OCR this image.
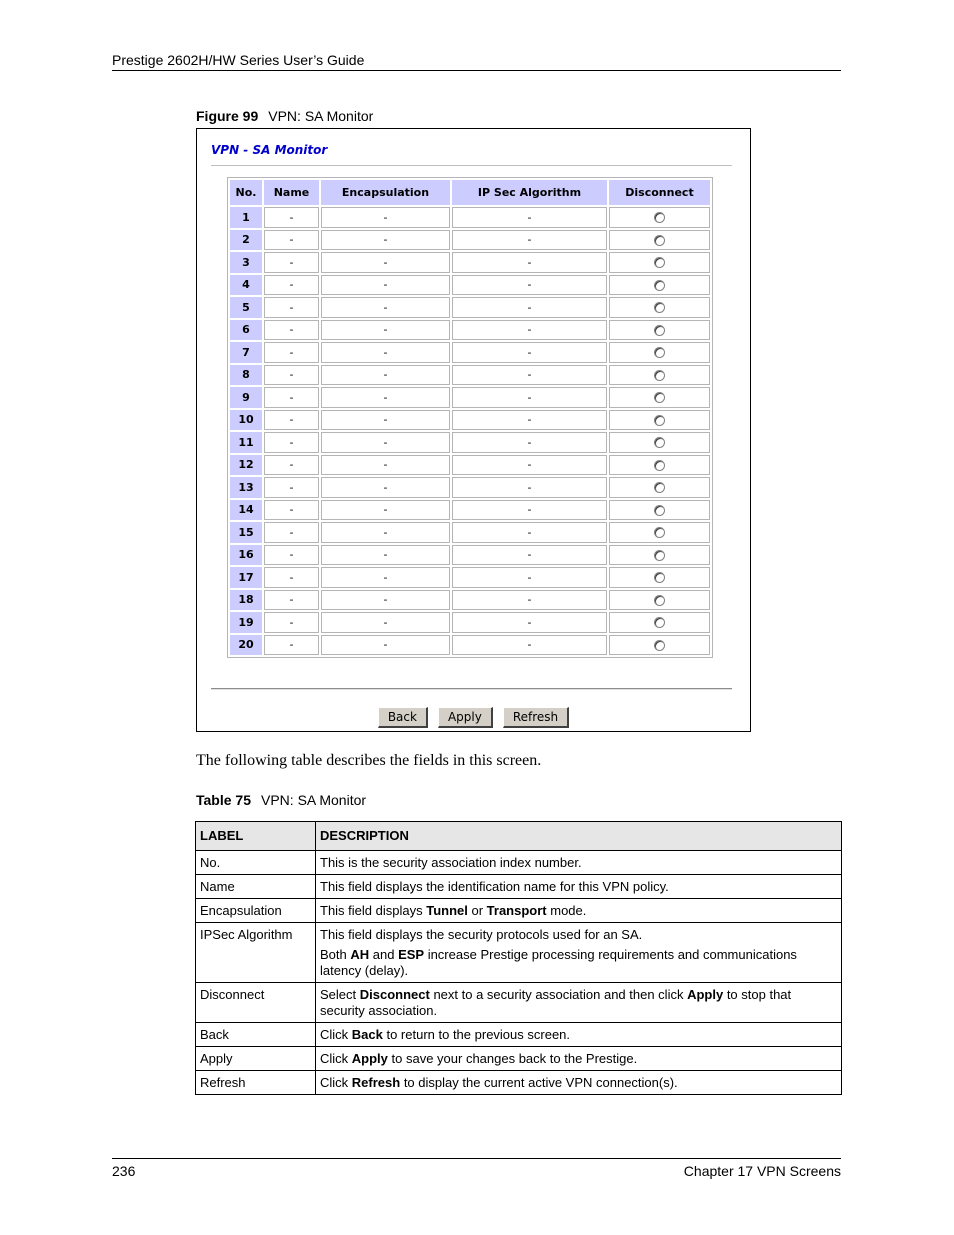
Prestige 2602H/HW Series User’s Guide
Figure 99 VPN: SA Monitor
VPN - SA Monitor
No.	Name	Encapsulation	IP Sec Algorithm	Disconnect
1	-	-	-	
2	-	-	-	
3	-	-	-	
4	-	-	-	
5	-	-	-	
6	-	-	-	
7	-	-	-	
8	-	-	-	
9	-	-	-	
10	-	-	-	
11	-	-	-	
12	-	-	-	
13	-	-	-	
14	-	-	-	
15	-	-	-	
16	-	-	-	
17	-	-	-	
18	-	-	-	
19	-	-	-	
20	-	-	-	
Back	Apply	Refresh
The following table describes the fields in this screen.
Table 75 VPN: SA Monitor
LABEL	DESCRIPTION
No.	This is the security association index number.
Name	This field displays the identification name for this VPN policy.
Encapsulation	This field displays Tunnel or Transport mode.
IPSec Algorithm	This field displays the security protocols used for an SA.

Both AH and ESP increase Prestige processing requirements and communications latency (delay).

Disconnect	Select Disconnect next to a security association and then click Apply to stop that security association.
Back	Click Back to return to the previous screen.
Apply	Click Apply to save your changes back to the Prestige.
Refresh	Click Refresh to display the current active VPN connection(s).
236	Chapter 17 VPN Screens
